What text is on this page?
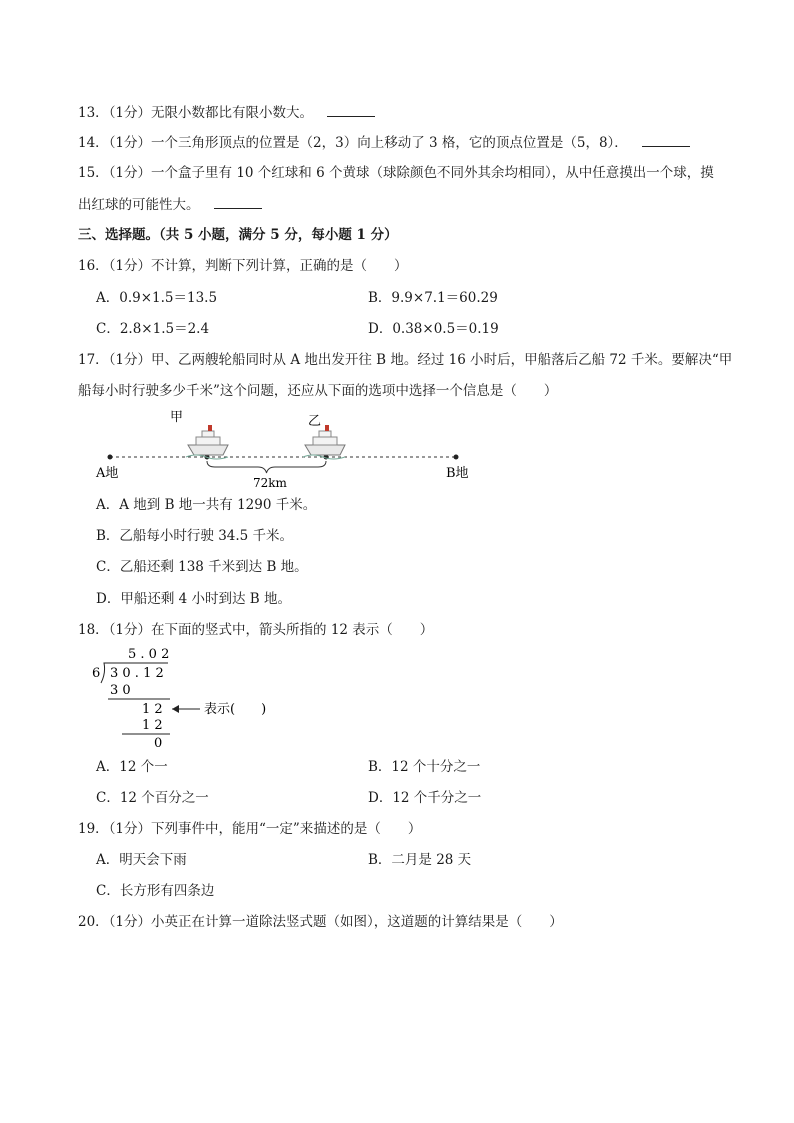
13．（1分）无限小数都比有限小数大。
14．（1分）一个三角形顶点的位置是（2，3）向上移动了 3 格，它的顶点位置是（5，8）．
15．（1分）一个盒子里有 10 个红球和 6 个黄球（球除颜色不同外其余均相同），从中任意摸出一个球，摸
出红球的可能性大。
三、选择题。（共 5 小题，满分 5 分，每小题 1 分）
16．（1分）不计算，判断下列计算，正确的是（　　）
A．0.9×1.5＝13.5	B．9.9×7.1＝60.29
C．2.8×1.5＝2.4	D．0.38×0.5＝0.19
17．（1分）甲、乙两艘轮船同时从 A 地出发开往 B 地。经过 16 小时后，甲船落后乙船 72 千米。要解决“甲
船每小时行驶多少千米”这个问题，还应从下面的选项中选择一个信息是（　　）
甲	乙
72km
A地	B地
A．A 地到 B 地一共有 1290 千米。
B．乙船每小时行驶 34.5 千米。
C．乙船还剩 138 千米到达 B 地。
D．甲船还剩 4 小时到达 B 地。
18．（1分）在下面的竖式中，箭头所指的 12 表示（　　）
5 . 0 2
6 3 0 . 1 2
3 0
1 2	表示(　　)
1 2
0
A．12 个一	B．12 个十分之一
C．12 个百分之一	D．12 个千分之一
19．（1分）下列事件中，能用“一定”来描述的是（　　）
A．明天会下雨	B．二月是 28 天
C．长方形有四条边
20．（1分）小英正在计算一道除法竖式题（如图），这道题的计算结果是（　　）
